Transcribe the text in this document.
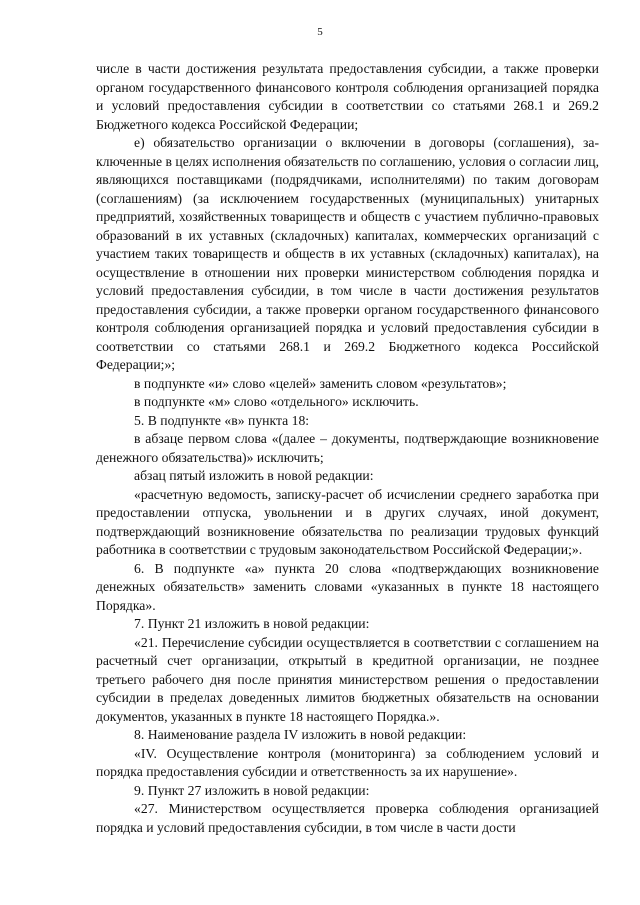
5

числе в части достижения результата предоставления субсидии, а также проверки органом государственного финансового контроля соблюдения организацией порядка и условий предоставления субсидии в соответствии со статьями 268.1 и 269.2 Бюджетного кодекса Российской Федерации;

е) обязательство организации о включении в договоры (соглашения), заключенные в целях исполнения обязательств по соглашению, условия о согласии лиц, являющихся поставщиками (подрядчиками, исполнителями) по таким договорам (соглашениям) (за исключением государственных (муниципальных) унитарных предприятий, хозяйственных товариществ и обществ с участием публично-правовых образований в их уставных (складочных) капиталах, коммерческих организаций с участием таких товариществ и обществ в их уставных (складочных) капиталах), на осуществление в отношении них проверки министерством соблюдения порядка и условий предоставления субсидии, в том числе в части достижения результатов предоставления субсидии, а также проверки органом государственного финансового контроля соблюдения организацией порядка и условий предоставления субсидии в соответствии со статьями 268.1 и 269.2 Бюджетного кодекса Российской Федерации;»;

в подпункте «и» слово «целей» заменить словом «результатов»;

в подпункте «м» слово «отдельного» исключить.

5. В подпункте «в» пункта 18:

в абзаце первом слова «(далее – документы, подтверждающие возникновение денежного обязательства)» исключить;

абзац пятый изложить в новой редакции:

«расчетную ведомость, записку-расчет об исчислении среднего заработка при предоставлении отпуска, увольнении и в других случаях, иной документ, подтверждающий возникновение обязательства по реализации трудовых функций работника в соответствии с трудовым законодательством Российской Федерации;».

6. В подпункте «а» пункта 20 слова «подтверждающих возникновение денежных обязательств» заменить словами «указанных в пункте 18 настоящего Порядка».

7. Пункт 21 изложить в новой редакции:

«21. Перечисление субсидии осуществляется в соответствии с соглашением на расчетный счет организации, открытый в кредитной организации, не позднее третьего рабочего дня после принятия министерством решения о предоставлении субсидии в пределах доведенных лимитов бюджетных обязательств на основании документов, указанных в пункте 18 настоящего Порядка.».

8. Наименование раздела IV изложить в новой редакции:

«IV. Осуществление контроля (мониторинга) за соблюдением условий и порядка предоставления субсидии и ответственность за их нарушение».

9. Пункт 27 изложить в новой редакции:

«27. Министерством осуществляется проверка соблюдения организацией порядка и условий предоставления субсидии, в том числе в части дости
